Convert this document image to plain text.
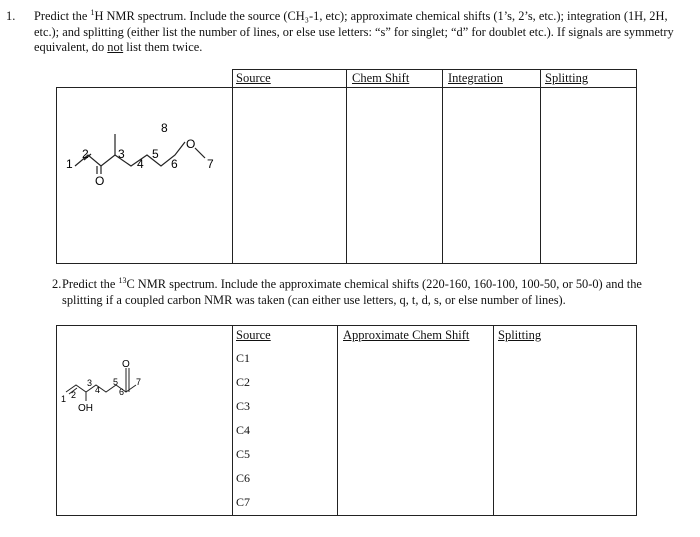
1. Predict the $^1$H NMR spectrum. Include the source (CH₃-1, etc); approximate chemical shifts (1’s, 2’s, etc.); integration (1H, 2H, etc.); and splitting (either list the number of lines, or else use letters: “s” for singlet; “d” for doublet etc.). If signals are symmetry equivalent, do not list them twice.
Source	Chem Shift	Integration	Splitting
1
2 3
4
5
6 7
8
O
O	O
2. Predict the $^{13}$C NMR spectrum. Include the approximate chemical shifts (220-160, 160-100, 100-50, or 50-0) and the splitting if a coupled carbon NMR was taken (can either use letters, q, t, d, s, or else number of lines).
Source	Approximate Chem Shift Splitting
C1
C2
C3
C4
C5
C6
C7
1 2
3
4
5
6
7
O
OH
